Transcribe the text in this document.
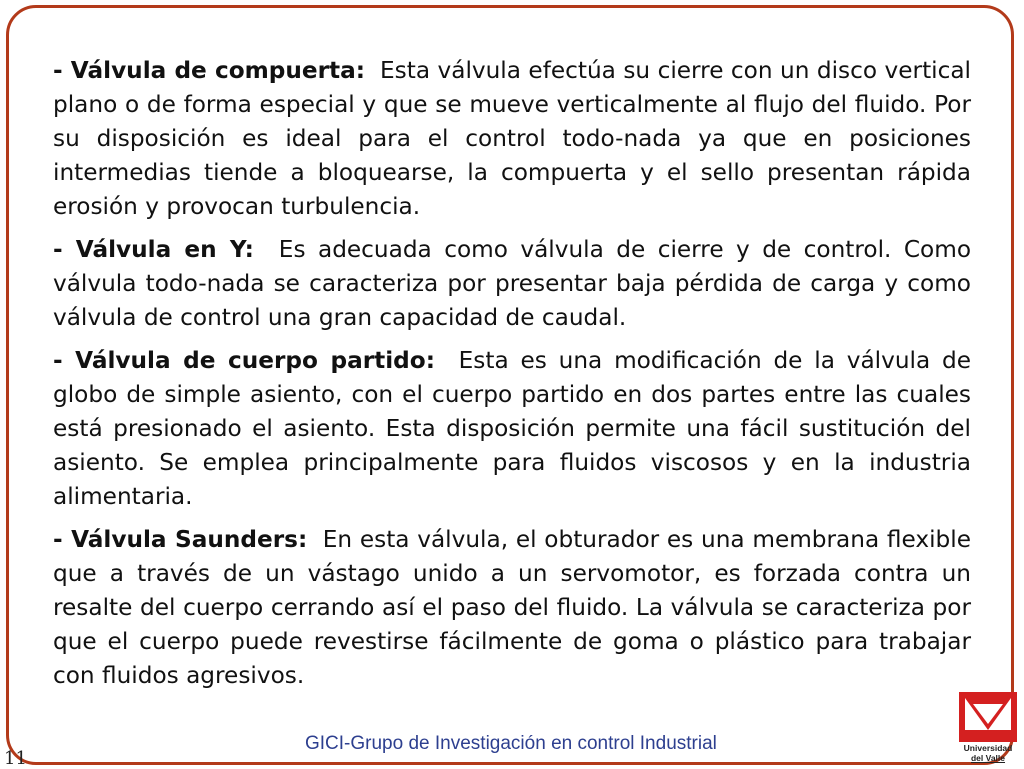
- Válvula de compuerta: Esta válvula efectúa su cierre con un disco vertical plano o de forma especial y que se mueve verticalmente al flujo del fluido. Por su disposición es ideal para el control todo-nada ya que en posiciones intermedias tiende a bloquearse, la compuerta y el sello presentan rápida erosión y provocan turbulencia.

- Válvula en Y: Es adecuada como válvula de cierre y de control. Como válvula todo-nada se caracteriza por presentar baja pérdida de carga y como válvula de control una gran capacidad de caudal.

- Válvula de cuerpo partido: Esta es una modificación de la válvula de globo de simple asiento, con el cuerpo partido en dos partes entre las cuales está presionado el asiento. Esta disposición permite una fácil sustitución del asiento. Se emplea principalmente para fluidos viscosos y en la industria alimentaria.

- Válvula Saunders: En esta válvula, el obturador es una membrana flexible que a través de un vástago unido a un servomotor, es forzada contra un resalte del cuerpo cerrando así el paso del fluido. La válvula se caracteriza por que el cuerpo puede revestirse fácilmente de goma o plástico para trabajar con fluidos agresivos.

GICI-Grupo de Investigación en control Industrial
11	Universidad
del Valle
